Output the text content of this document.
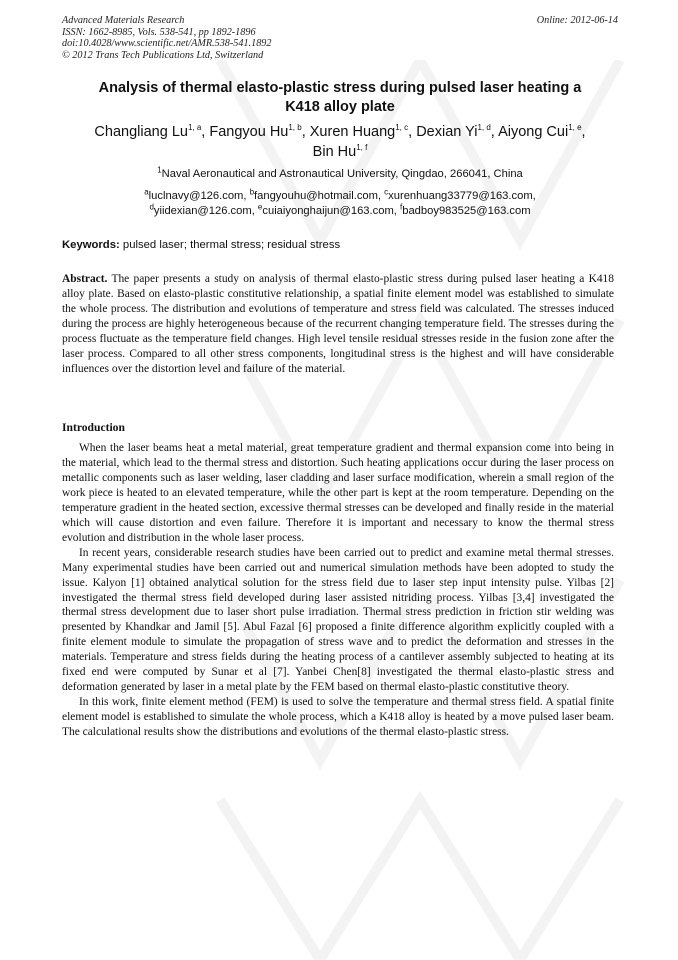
Advanced Materials Research
ISSN: 1662-8985, Vols. 538-541, pp 1892-1896
doi:10.4028/www.scientific.net/AMR.538-541.1892
© 2012 Trans Tech Publications Ltd, Switzerland
Online: 2012-06-14
Analysis of thermal elasto-plastic stress during pulsed laser heating a
K418 alloy plate
Changliang Lu$^{1, a}$, Fangyou Hu$^{1, b}$, Xuren Huang$^{1, c}$, Dexian Yi$^{1, d}$, Aiyong Cui$^{1, e}$,
Bin Hu$^{1, f}$
$^1$Naval Aeronautical and Astronautical University, Qingdao, 266041, China
$^a$luclnavy@126.com, $^b$fangyouhu@hotmail.com, $^c$xurenhuang33779@163.com,
$^d$yiidexian@126.com, $^e$cuiaiyonghaijun@163.com, $^f$badboy983525@163.com
Keywords: pulsed laser; thermal stress; residual stress
Abstract. The paper presents a study on analysis of thermal elasto-plastic stress during pulsed laser heating a K418 alloy plate. Based on elasto-plastic constitutive relationship, a spatial finite element model was established to simulate the whole process. The distribution and evolutions of temperature and stress field was calculated. The stresses induced during the process are highly heterogeneous because of the recurrent changing temperature field. The stresses during the process fluctuate as the temperature field changes. High level tensile residual stresses reside in the fusion zone after the laser process. Compared to all other stress components, longitudinal stress is the highest and will have considerable influences over the distortion level and failure of the material.
Introduction

When the laser beams heat a metal material, great temperature gradient and thermal expansion come into being in the material, which lead to the thermal stress and distortion. Such heating applications occur during the laser process on metallic components such as laser welding, laser cladding and laser surface modification, wherein a small region of the work piece is heated to an elevated temperature, while the other part is kept at the room temperature. Depending on the temperature gradient in the heated section, excessive thermal stresses can be developed and finally reside in the material which will cause distortion and even failure. Therefore it is important and necessary to know the thermal stress evolution and distribution in the whole laser process.

In recent years, considerable research studies have been carried out to predict and examine metal thermal stresses. Many experimental studies have been carried out and numerical simulation methods have been adopted to study the issue. Kalyon [1] obtained analytical solution for the stress field due to laser step input intensity pulse. Yilbas [2] investigated the thermal stress field developed during laser assisted nitriding process. Yilbas [3,4] investigated the thermal stress development due to laser short pulse irradiation. Thermal stress prediction in friction stir welding was presented by Khandkar and Jamil [5]. Abul Fazal [6] proposed a finite difference algorithm explicitly coupled with a finite element module to simulate the propagation of stress wave and to predict the deformation and stresses in the materials. Temperature and stress fields during the heating process of a cantilever assembly subjected to heating at its fixed end were computed by Sunar et al [7]. Yanbei Chen[8] investigated the thermal elasto-plastic stress and deformation generated by laser in a metal plate by the FEM based on thermal elasto-plastic constitutive theory.

In this work, finite element method (FEM) is used to solve the temperature and thermal stress field. A spatial finite element model is established to simulate the whole process, which a K418 alloy is heated by a move pulsed laser beam. The calculational results show the distributions and evolutions of the thermal elasto-plastic stress.
